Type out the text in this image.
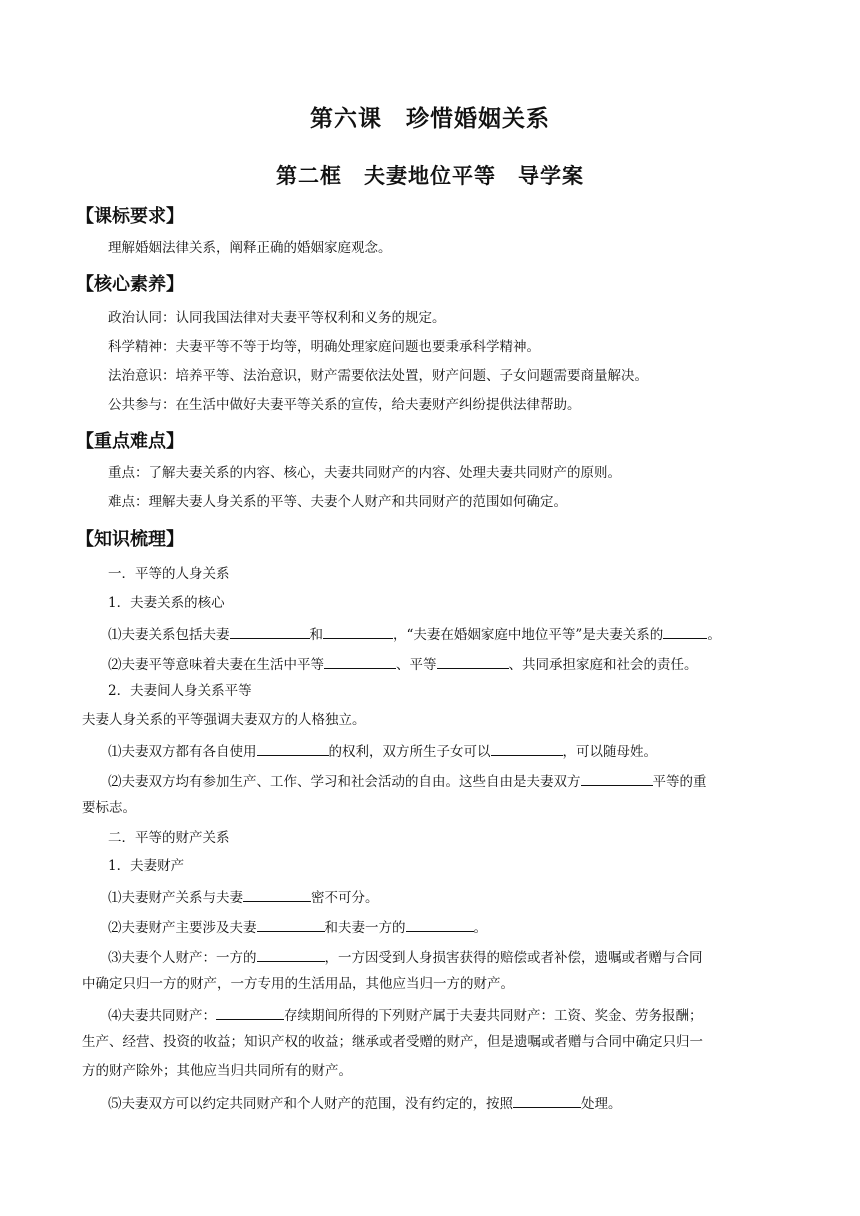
第六课　珍惜婚姻关系
第二框　夫妻地位平等　导学案
【课标要求】
理解婚姻法律关系，阐释正确的婚姻家庭观念。
【核心素养】
政治认同：认同我国法律对夫妻平等权利和义务的规定。
科学精神：夫妻平等不等于均等，明确处理家庭问题也要秉承科学精神。
法治意识：培养平等、法治意识，财产需要依法处置，财产问题、子女问题需要商量解决。
公共参与：在生活中做好夫妻平等关系的宣传，给夫妻财产纠纷提供法律帮助。
【重点难点】
重点：了解夫妻关系的内容、核心，夫妻共同财产的内容、处理夫妻共同财产的原则。
难点：理解夫妻人身关系的平等、夫妻个人财产和共同财产的范围如何确定。
【知识梳理】
一．平等的人身关系
1．夫妻关系的核心
⑴夫妻关系包括夫妻	和	，“夫妻在婚姻家庭中地位平等”是夫妻关系的	。
⑵夫妻平等意味着夫妻在生活中平等	、平等	、共同承担家庭和社会的责任。
2．夫妻间人身关系平等
夫妻人身关系的平等强调夫妻双方的人格独立。
⑴夫妻双方都有各自使用	的权利，双方所生子女可以	，可以随母姓。
⑵夫妻双方均有参加生产、工作、学习和社会活动的自由。这些自由是夫妻双方	平等的重
要标志。
二．平等的财产关系
1．夫妻财产
⑴夫妻财产关系与夫妻	密不可分。
⑵夫妻财产主要涉及夫妻	和夫妻一方的	。
⑶夫妻个人财产：一方的	，一方因受到人身损害获得的赔偿或者补偿，遗嘱或者赠与合同
中确定只归一方的财产，一方专用的生活用品，其他应当归一方的财产。
⑷夫妻共同财产：	存续期间所得的下列财产属于夫妻共同财产：工资、奖金、劳务报酬；
生产、经营、投资的收益；知识产权的收益；继承或者受赠的财产，但是遗嘱或者赠与合同中确定只归一
方的财产除外；其他应当归共同所有的财产。
⑸夫妻双方可以约定共同财产和个人财产的范围，没有约定的，按照	处理。
